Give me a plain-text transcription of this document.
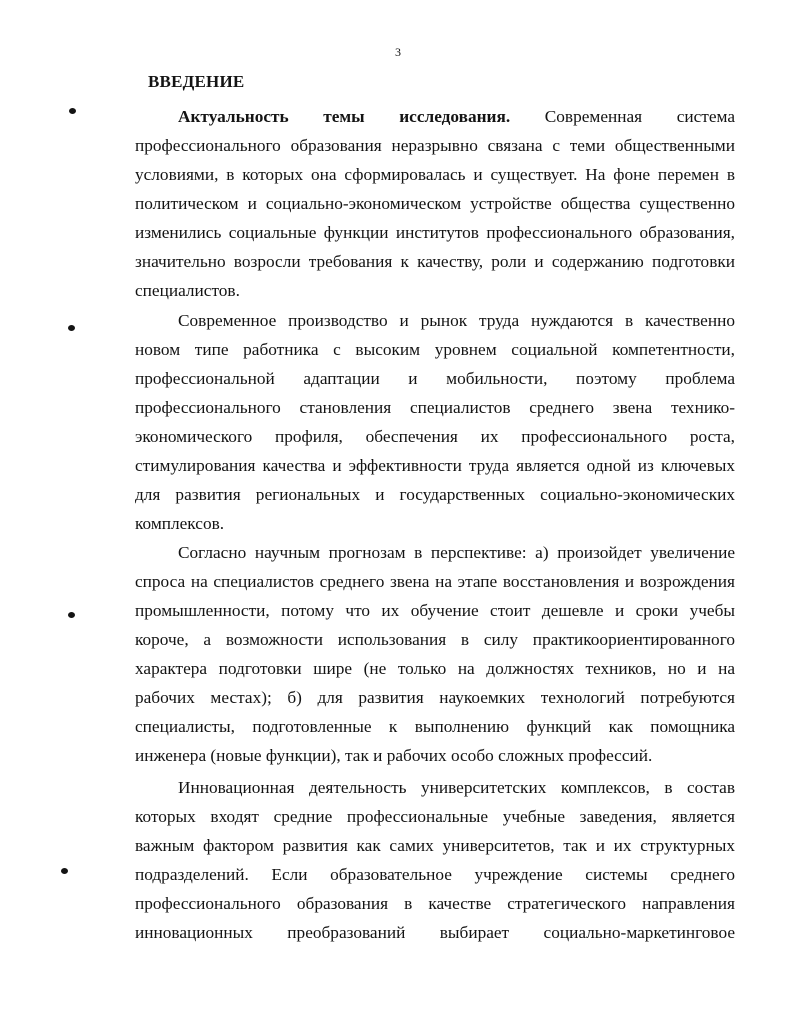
3
ВВЕДЕНИЕ
Актуальность темы исследования. Современная система
профессионального образования неразрывно связана с теми общественными
условиями, в которых она сформировалась и существует. На фоне перемен в
политическом и социально-экономическом устройстве общества существенно
изменились социальные функции институтов профессионального образования,
значительно возросли требования к качеству, роли и содержанию подготовки
специалистов.
Современное производство и рынок труда нуждаются в качественно
новом типе работника с высоким уровнем социальной компетентности,
профессиональной адаптации и мобильности, поэтому проблема
профессионального становления специалистов среднего звена технико-
экономического профиля, обеспечения их профессионального роста,
стимулирования качества и эффективности труда является одной из ключевых
для развития региональных и государственных социально-экономических
комплексов.
Согласно научным прогнозам в перспективе: а) произойдет увеличение
спроса на специалистов среднего звена на этапе восстановления и возрождения
промышленности, потому что их обучение стоит дешевле и сроки учебы
короче, а возможности использования в силу практикоориентированного
характера подготовки шире (не только на должностях техников, но и на
рабочих местах); б) для развития наукоемких технологий потребуются
специалисты, подготовленные к выполнению функций как помощника
инженера (новые функции), так и рабочих особо сложных профессий.
Инновационная деятельность университетских комплексов, в состав
которых входят средние профессиональные учебные заведения, является
важным фактором развития как самих университетов, так и их структурных
подразделений. Если образовательное учреждение системы среднего
профессионального образования в качестве стратегического направления
инновационных преобразований выбирает социально-маркетинговое
